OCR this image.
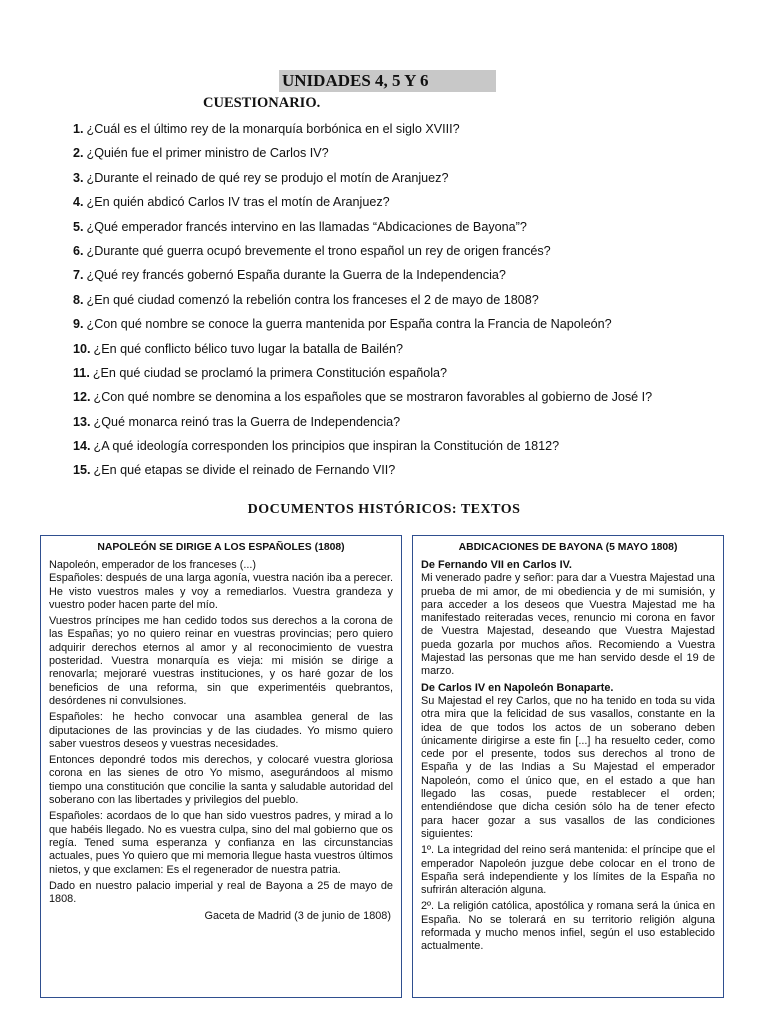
UNIDADES 4, 5 Y 6
CUESTIONARIO.
1. ¿Cuál es el último rey de la monarquía borbónica en el siglo XVIII?
2. ¿Quién fue el primer ministro de Carlos IV?
3. ¿Durante el reinado de qué rey se produjo el motín de Aranjuez?
4. ¿En quién abdicó Carlos IV tras el motín de Aranjuez?
5. ¿Qué emperador francés intervino en las llamadas “Abdicaciones de Bayona”?
6. ¿Durante qué guerra ocupó brevemente el trono español un rey de origen francés?
7. ¿Qué rey francés gobernó España durante la Guerra de la Independencia?
8. ¿En qué ciudad comenzó la rebelión contra los franceses el 2 de mayo de 1808?
9. ¿Con qué nombre se conoce la guerra mantenida por España contra la Francia de Napoleón?
10. ¿En qué conflicto bélico tuvo lugar la batalla de Bailén?
11. ¿En qué ciudad se proclamó la primera Constitución española?
12. ¿Con qué nombre se denomina a los españoles que se mostraron favorables al gobierno de José I?
13. ¿Qué monarca reinó tras la Guerra de Independencia?
14. ¿A qué ideología corresponden los principios que inspiran la Constitución de 1812?
15. ¿En qué etapas se divide el reinado de Fernando VII?
DOCUMENTOS HISTÓRICOS: TEXTOS
NAPOLEÓN SE DIRIGE A LOS ESPAÑOLES (1808)

Napoleón, emperador de los franceses (...)
Españoles: después de una larga agonía, vuestra nación iba a perecer. He visto vuestros males y voy a remediarlos. Vuestra grandeza y vuestro poder hacen parte del mío.

Vuestros príncipes me han cedido todos sus derechos a la corona de las Españas; yo no quiero reinar en vuestras provincias; pero quiero adquirir derechos eternos al amor y al reconocimiento de vuestra posteridad. Vuestra monarquía es vieja: mi misión se dirige a renovarla; mejoraré vuestras instituciones, y os haré gozar de los beneficios de una reforma, sin que experimentéis quebrantos, desórdenes ni convulsiones.

Españoles: he hecho convocar una asamblea general de las diputaciones de las provincias y de las ciudades. Yo mismo quiero saber vuestros deseos y vuestras necesidades.

Entonces depondré todos mis derechos, y colocaré vuestra gloriosa corona en las sienes de otro Yo mismo, asegurándoos al mismo tiempo una constitución que concilie la santa y saludable autoridad del soberano con las libertades y privilegios del pueblo.

Españoles: acordaos de lo que han sido vuestros padres, y mirad a lo que habéis llegado. No es vuestra culpa, sino del mal gobierno que os regía. Tened suma esperanza y confianza en las circunstancias actuales, pues Yo quiero que mi memoria llegue hasta vuestros últimos nietos, y que exclamen: Es el regenerador de nuestra patria.

Dado en nuestro palacio imperial y real de Bayona a 25 de mayo de 1808.

Gaceta de Madrid (3 de junio de 1808)

ABDICACIONES DE BAYONA (5 MAYO 1808)

De Fernando VII en Carlos IV.

Mi venerado padre y señor: para dar a Vuestra Majestad una prueba de mi amor, de mi obediencia y de mi sumisión, y para acceder a los deseos que Vuestra Majestad me ha manifestado reiteradas veces, renuncio mi corona en favor de Vuestra Majestad, deseando que Vuestra Majestad pueda gozarla por muchos años. Recomiendo a Vuestra Majestad las personas que me han servido desde el 19 de marzo.

De Carlos IV en Napoleón Bonaparte.

Su Majestad el rey Carlos, que no ha tenido en toda su vida otra mira que la felicidad de sus vasallos, constante en la idea de que todos los actos de un soberano deben únicamente dirigirse a este fin [...] ha resuelto ceder, como cede por el presente, todos sus derechos al trono de España y de las Indias a Su Majestad el emperador Napoleón, como el único que, en el estado a que han llegado las cosas, puede restablecer el orden; entendiéndose que dicha cesión sólo ha de tener efecto para hacer gozar a sus vasallos de las condiciones siguientes:

1º. La integridad del reino será mantenida: el príncipe que el emperador Napoleón juzgue debe colocar en el trono de España será independiente y los límites de la España no sufrirán alteración alguna.

2º. La religión católica, apostólica y romana será la única en España. No se tolerará en su territorio religión alguna reformada y mucho menos infiel, según el uso establecido actualmente.
